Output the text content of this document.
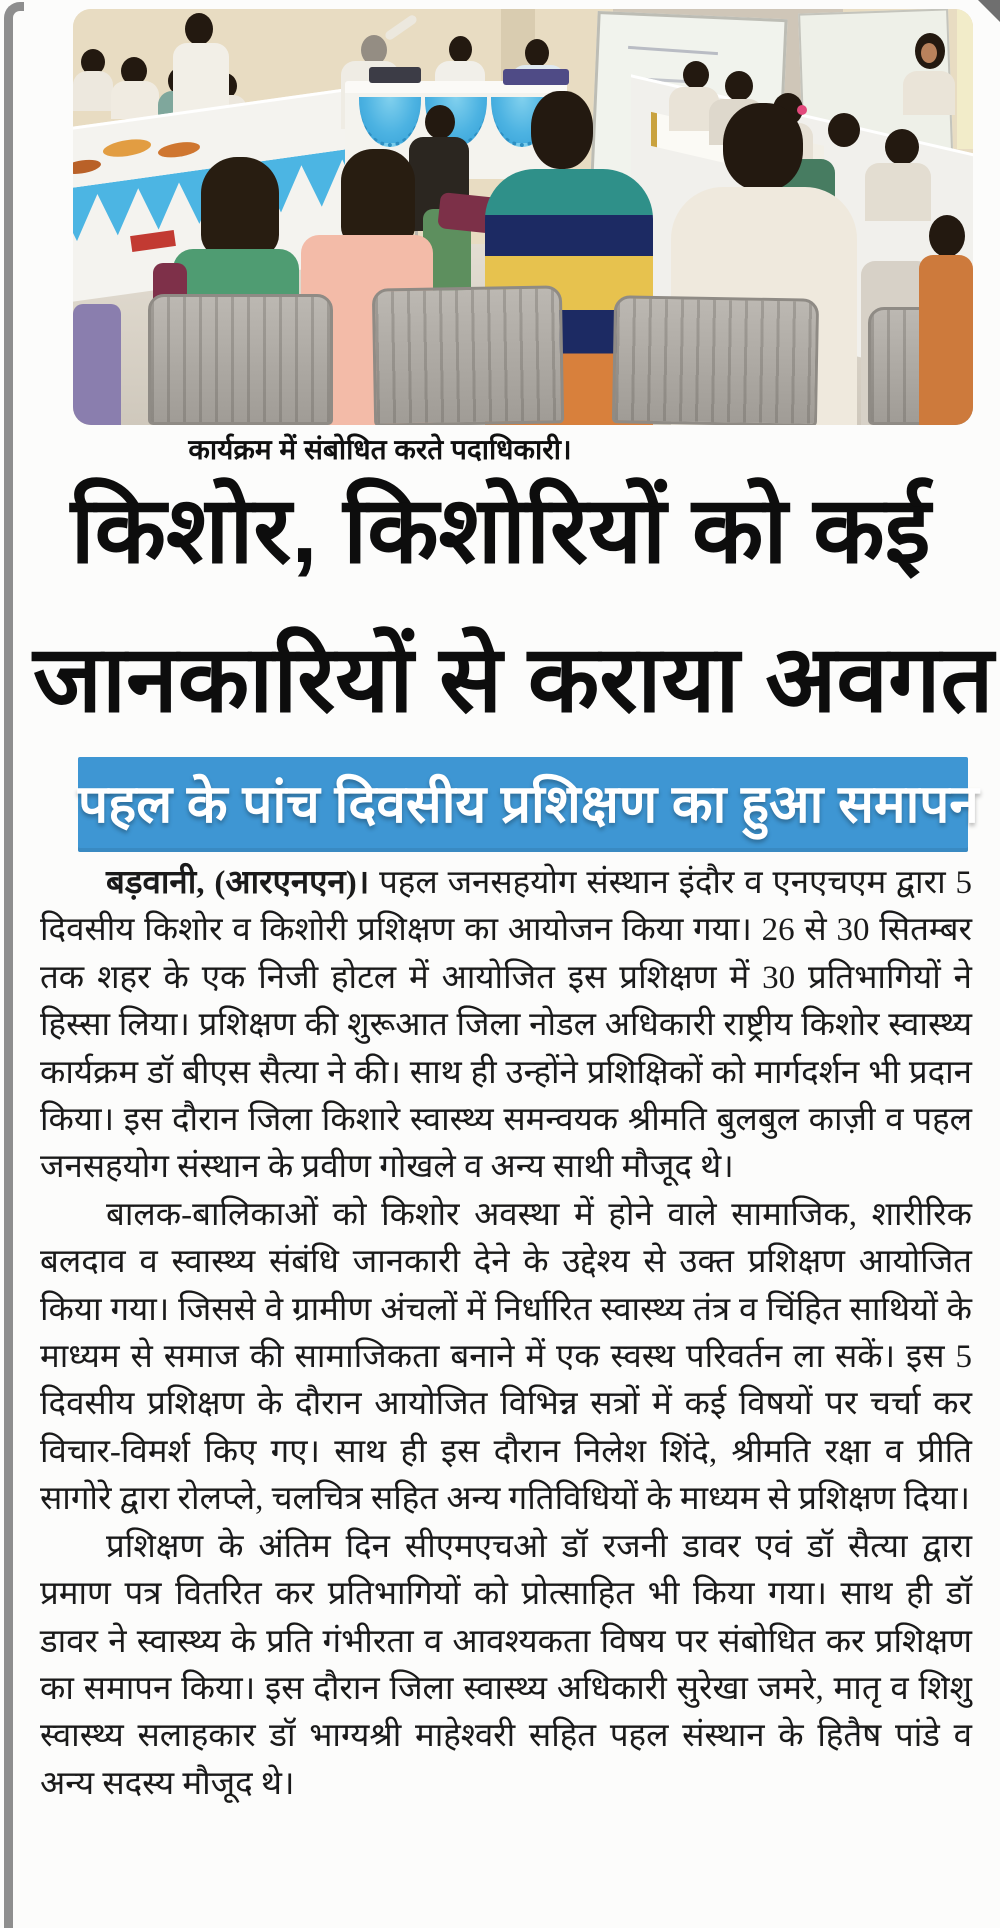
कार्यक्रम में संबोधित करते पदाधिकारी।
किशोर, किशोरियों को कई
जानकारियों से कराया अवगत
पहल के पांच दिवसीय प्रशिक्षण का हुआ समापन

बड़वानी, (आरएनएन)। पहल जनसहयोग संस्थान इंदौर व एनएचएम द्वारा 5 दिवसीय किशोर व किशोरी प्रशिक्षण का आयोजन किया गया। 26 से 30 सितम्बर तक शहर के एक निजी होटल में आयोजित इस प्रशिक्षण में 30 प्रतिभागियों ने हिस्सा लिया। प्रशिक्षण की शुरूआत जिला नोडल अधिकारी राष्ट्रीय किशोर स्वास्थ्य कार्यक्रम डॉ बीएस सैत्या ने की। साथ ही उन्होंने प्रशिक्षिकों को मार्गदर्शन भी प्रदान किया। इस दौरान जिला किशारे स्वास्थ्य समन्वयक श्रीमति बुलबुल काज़ी व पहल जनसहयोग संस्थान के प्रवीण गोखले व अन्य साथी मौजूद थे।

बालक-बालिकाओं को किशोर अवस्था में होने वाले सामाजिक, शारीरिक बलदाव व स्वास्थ्य संबंधि जानकारी देने के उद्देश्य से उक्त प्रशिक्षण आयोजित किया गया। जिससे वे ग्रामीण अंचलों में निर्धारित स्वास्थ्य तंत्र व चिंहित साथियों के माध्यम से समाज की सामाजिकता बनाने में एक स्वस्थ परिवर्तन ला सकें। इस 5 दिवसीय प्रशिक्षण के दौरान आयोजित विभिन्न सत्रों में कई विषयों पर चर्चा कर विचार-विमर्श किए गए। साथ ही इस दौरान निलेश शिंदे, श्रीमति रक्षा व प्रीति सागोरे द्वारा रोलप्ले, चलचित्र सहित अन्य गतिविधियों के माध्यम से प्रशिक्षण दिया।

प्रशिक्षण के अंतिम दिन सीएमएचओ डॉ रजनी डावर एवं डॉ सैत्या द्वारा प्रमाण पत्र वितरित कर प्रतिभागियों को प्रोत्साहित भी किया गया। साथ ही डॉ डावर ने स्वास्थ्य के प्रति गंभीरता व आवश्यकता विषय पर संबोधित कर प्रशिक्षण का समापन किया। इस दौरान जिला स्वास्थ्य अधिकारी सुरेखा जमरे, मातृ व शिशु स्वास्थ्य सलाहकार डॉ भाग्यश्री माहेश्वरी सहित पहल संस्थान के हितैष पांडे व अन्य सदस्य मौजूद थे।
